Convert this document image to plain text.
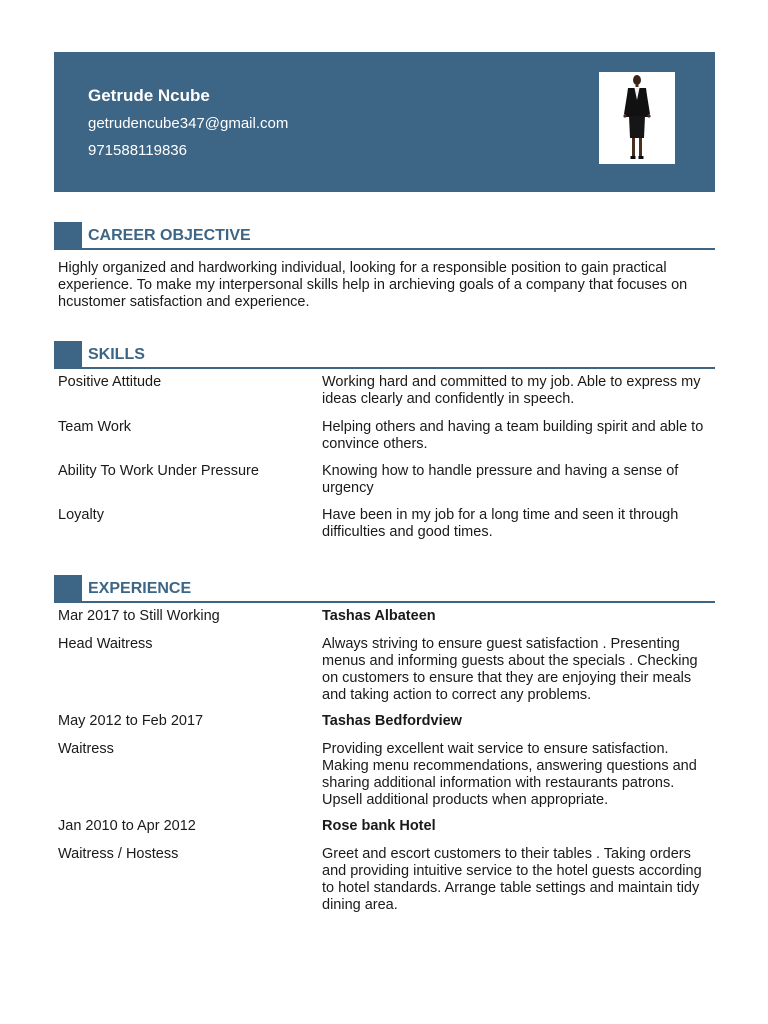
Getrude Ncube
getrudencube347@gmail.com
971588119836
CAREER OBJECTIVE
Highly organized and hardworking individual, looking for a responsible position to gain practical experience. To make my interpersonal skills help in archieving goals of a company that focuses on hcustomer satisfaction and experience.
SKILLS
Positive Attitude	Working hard and committed to my job. Able to express my ideas clearly and confidently in speech.
Team Work	Helping others and having a team building spirit and able to convince others.
Ability To Work Under Pressure	Knowing how to handle pressure and having a sense of urgency
Loyalty	Have been in my job for a long time and seen it through difficulties and good times.
EXPERIENCE
Mar 2017 to Still Working	Tashas Albateen
Head Waitress	Always striving to ensure guest satisfaction . Presenting menus and informing guests about the specials . Checking on customers to ensure that they are enjoying their meals and taking action to correct any problems.
May 2012 to Feb 2017	Tashas Bedfordview
Waitress	Providing excellent wait service to ensure satisfaction. Making menu recommendations, answering questions and sharing additional information with restaurants patrons. Upsell additional products when appropriate.
Jan 2010 to Apr 2012	Rose bank Hotel
Waitress / Hostess	Greet and escort customers to their tables . Taking orders and providing intuitive service to the hotel guests according to hotel standards. Arrange table settings and maintain tidy dining area.
